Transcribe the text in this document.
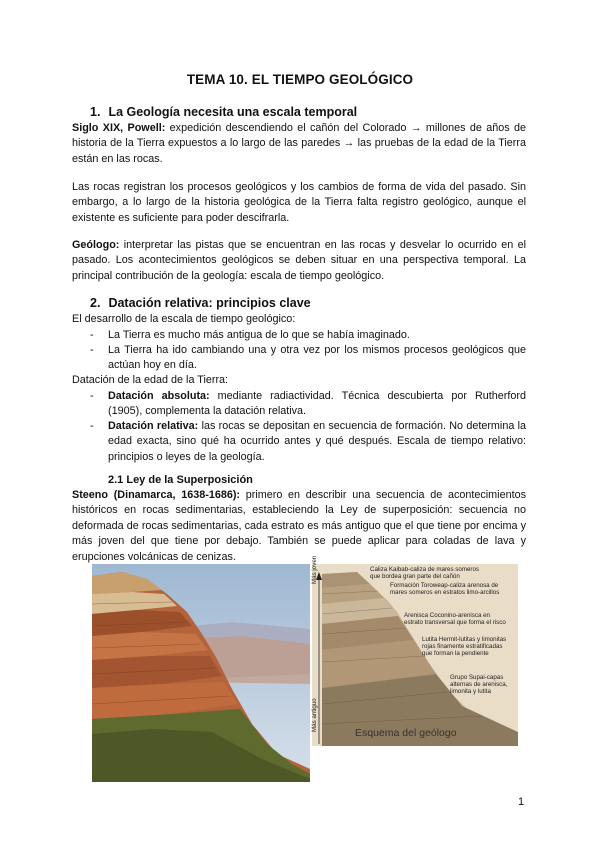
TEMA 10. EL TIEMPO GEOLÓGICO
1. La Geología necesita una escala temporal

Siglo XIX, Powell: expedición descendiendo el cañón del Colorado → millones de años de historia de la Tierra expuestos a lo largo de las paredes → las pruebas de la edad de la Tierra están en las rocas.

Las rocas registran los procesos geológicos y los cambios de forma de vida del pasado. Sin embargo, a lo largo de la historia geológica de la Tierra falta registro geológico, aunque el existente es suficiente para poder descifrarla.

Geólogo: interpretar las pistas que se encuentran en las rocas y desvelar lo ocurrido en el pasado. Los acontecimientos geológicos se deben situar en una perspectiva temporal. La principal contribución de la geología: escala de tiempo geológico.

2. Datación relativa: principios clave

El desarrollo de la escala de tiempo geológico:

-	La Tierra es mucho más antigua de lo que se había imaginado.
-	La Tierra ha ido cambiando una y otra vez por los mismos procesos geológicos que actúan hoy en día.

Datación de la edad de la Tierra:

-	Datación absoluta: mediante radiactividad. Técnica descubierta por Rutherford (1905), complementa la datación relativa.
-	Datación relativa: las rocas se depositan en secuencia de formación. No determina la edad exacta, sino qué ha ocurrido antes y qué después. Escala de tiempo relativo: principios o leyes de la geología.
2.1 Ley de la Superposición

Steeno (Dinamarca, 1638-1686): primero en describir una secuencia de acontecimientos históricos en rocas sedimentarias, estableciendo la Ley de superposición: secuencia no deformada de rocas sedimentarias, cada estrato es más antiguo que el que tiene por encima y más joven del que tiene por debajo. También se puede aplicar para coladas de lava y erupciones volcánicas de cenizas.	Más joven
Más antiguo
Caliza Kaibab-caliza de mares someros que bordea gran parte del cañón
Formación Toroweap-caliza arenosa de mares someros en estratos limo-arcillos
Arenisca Coconino-arenisca en estrato transversal que forma el risco
Lutita Hermit-lutitas y limonitas rojas finamente estratificadas que forman la pendiente
Grupo Supai-capas alternas de arenisca, limonita y lutita
Esquema del geólogo
1
